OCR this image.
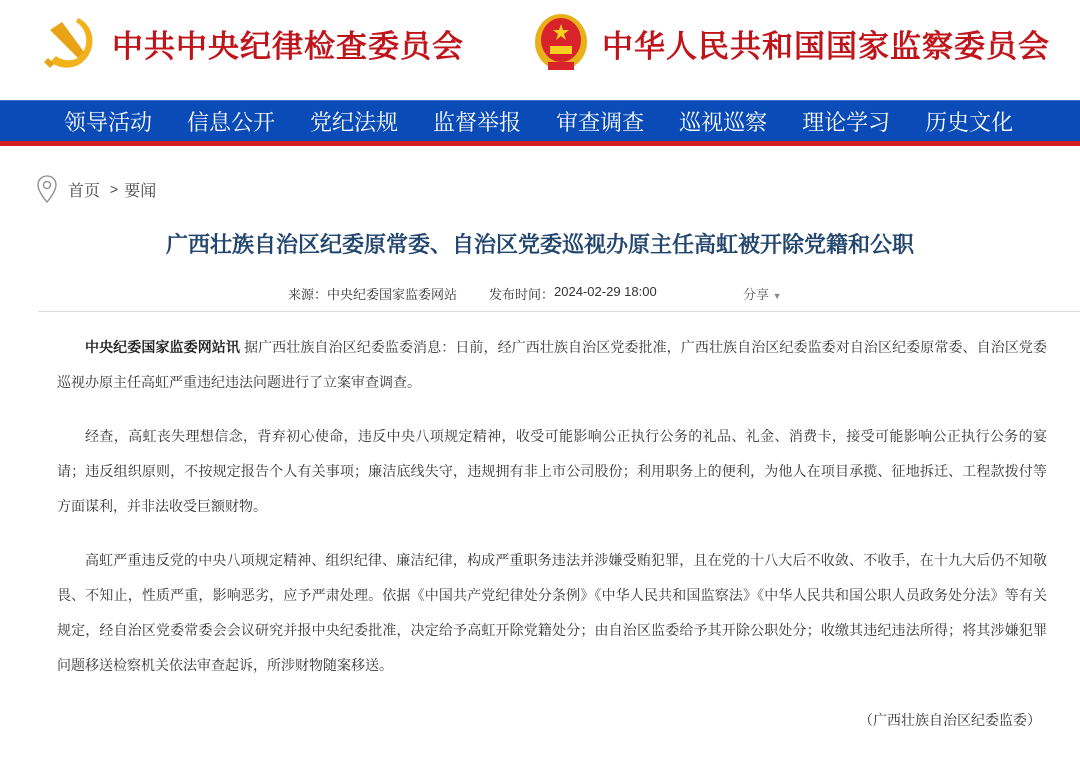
中共中央纪律检查委员会	中华人民共和国国家监察委员会
领导活动 信息公开 党纪法规 监督举报 审查调查 巡视巡察 理论学习 历史文化
首页 > 要闻
广西壮族自治区纪委原常委、自治区党委巡视办原主任高虹被开除党籍和公职
来源： 中央纪委国家监委网站 发布时间： 2024-02-29 18:00	分享 ▼

中央纪委国家监委网站讯 据广西壮族自治区纪委监委消息：日前，经广西壮族自治区党委批准，广西壮族自治区纪委监委对自治区纪委原常委、自治区党委巡视办原主任高虹严重违纪违法问题进行了立案审查调查。

经查，高虹丧失理想信念，背弃初心使命，违反中央八项规定精神，收受可能影响公正执行公务的礼品、礼金、消费卡，接受可能影响公正执行公务的宴请；违反组织原则，不按规定报告个人有关事项；廉洁底线失守，违规拥有非上市公司股份；利用职务上的便利，为他人在项目承揽、征地拆迁、工程款拨付等方面谋利，并非法收受巨额财物。

高虹严重违反党的中央八项规定精神、组织纪律、廉洁纪律，构成严重职务违法并涉嫌受贿犯罪，且在党的十八大后不收敛、不收手，在十九大后仍不知敬畏、不知止，性质严重，影响恶劣，应予严肃处理。依据《中国共产党纪律处分条例》《中华人民共和国监察法》《中华人民共和国公职人员政务处分法》等有关规定，经自治区党委常委会会议研究并报中央纪委批准，决定给予高虹开除党籍处分；由自治区监委给予其开除公职处分；收缴其违纪违法所得；将其涉嫌犯罪问题移送检察机关依法审查起诉，所涉财物随案移送。

（广西壮族自治区纪委监委）
